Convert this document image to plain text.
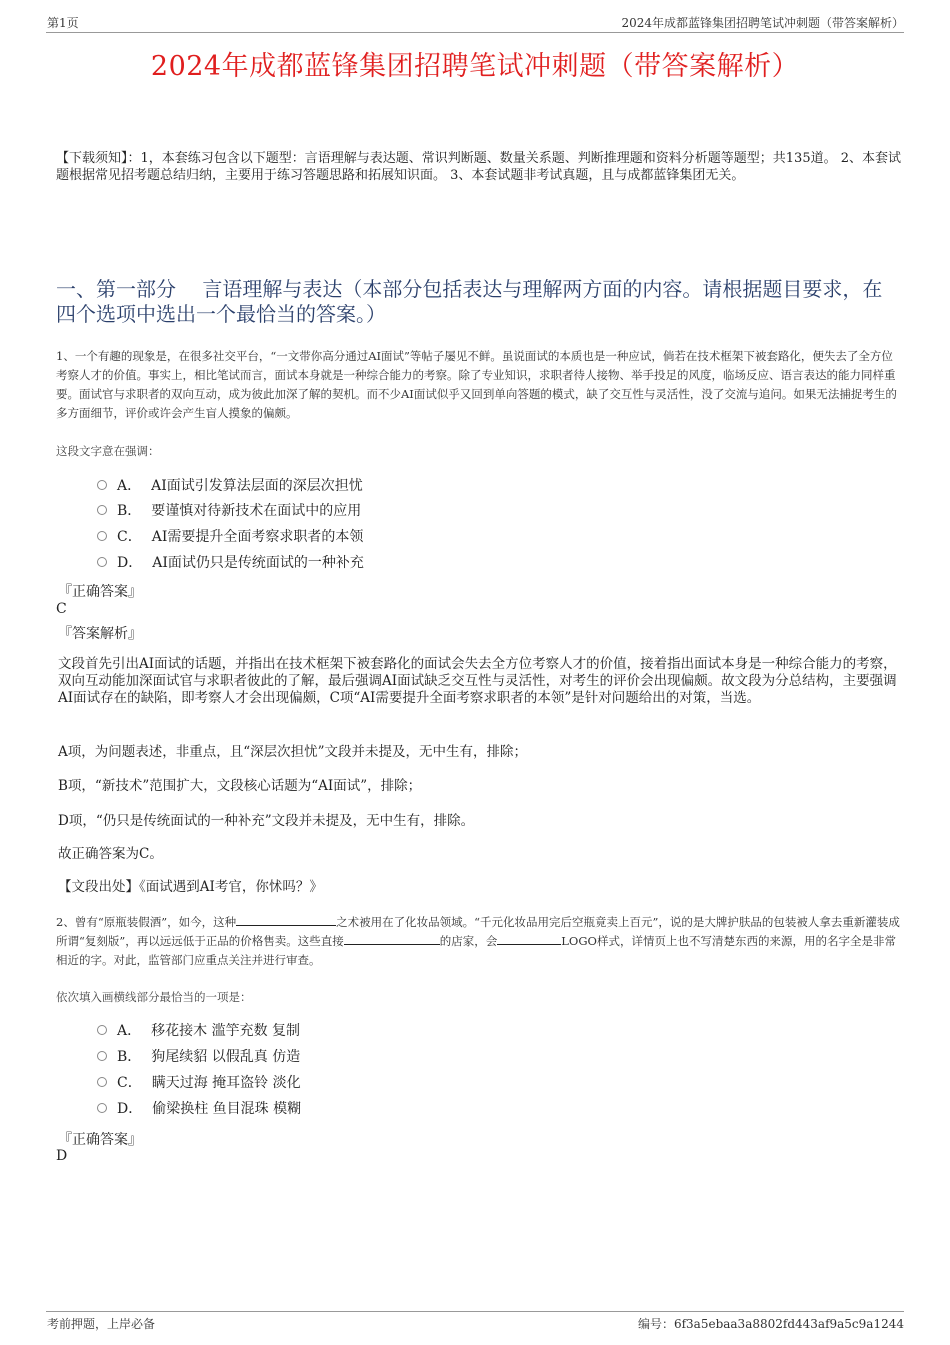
第1页	2024年成都蓝锋集团招聘笔试冲刺题（带答案解析）
2024年成都蓝锋集团招聘笔试冲刺题（带答案解析）
【下载须知】：1，本套练习包含以下题型：言语理解与表达题、常识判断题、数量关系题、判断推理题和资料分析题等题型；共135道。 2、本套试题根据常见招考题总结归纳，主要用于练习答题思路和拓展知识面。 3、本套试题非考试真题，且与成都蓝锋集团无关。
一、第一部分　 言语理解与表达（本部分包括表达与理解两方面的内容。请根据题目要求，在四个选项中选出一个最恰当的答案。）
1、一个有趣的现象是，在很多社交平台，“一文带你高分通过AI面试”等帖子屡见不鲜。虽说面试的本质也是一种应试，倘若在技术框架下被套路化，便失去了全方位考察人才的价值。事实上，相比笔试而言，面试本身就是一种综合能力的考察。除了专业知识，求职者待人接物、举手投足的风度，临场反应、语言表达的能力同样重要。面试官与求职者的双向互动，成为彼此加深了解的契机。而不少AI面试似乎又回到单向答题的模式，缺了交互性与灵活性，没了交流与追问。如果无法捕捉考生的多方面细节，评价或许会产生盲人摸象的偏颇。
这段文字意在强调：
A． AI面试引发算法层面的深层次担忧
B． 要谨慎对待新技术在面试中的应用
C． AI需要提升全面考察求职者的本领
D． AI面试仍只是传统面试的一种补充
『正确答案』
C
『答案解析』
文段首先引出AI面试的话题，并指出在技术框架下被套路化的面试会失去全方位考察人才的价值，接着指出面试本身是一种综合能力的考察，双向互动能加深面试官与求职者彼此的了解，最后强调AI面试缺乏交互性与灵活性，对考生的评价会出现偏颇。故文段为分总结构，主要强调AI面试存在的缺陷，即考察人才会出现偏颇，C项“AI需要提升全面考察求职者的本领”是针对问题给出的对策，当选。
A项，为问题表述，非重点，且“深层次担忧”文段并未提及，无中生有，排除；
B项，“新技术”范围扩大，文段核心话题为“AI面试”，排除；
D项，“仍只是传统面试的一种补充”文段并未提及，无中生有，排除。
故正确答案为C。
【文段出处】《面试遇到AI考官，你怵吗？》
2、曾有“原瓶装假酒”，如今，这种	之术被用在了化妆品领域。“千元化妆品用完后空瓶竟卖上百元”，说的是大牌护肤品的包装被人拿去重新灌装成所谓“复刻版”，再以远远低于正品的价格售卖。这些直接	的店家，会	LOGO样式，详情页上也不写清楚东西的来源，用的名字全是非常相近的字。对此，监管部门应重点关注并进行审查。
依次填入画横线部分最恰当的一项是：
A． 移花接木 滥竽充数 复制
B． 狗尾续貂 以假乱真 仿造
C． 瞒天过海 掩耳盗铃 淡化
D． 偷梁换柱 鱼目混珠 模糊
『正确答案』
D
考前押题，上岸必备	编号：6f3a5ebaa3a8802fd443af9a5c9a1244
